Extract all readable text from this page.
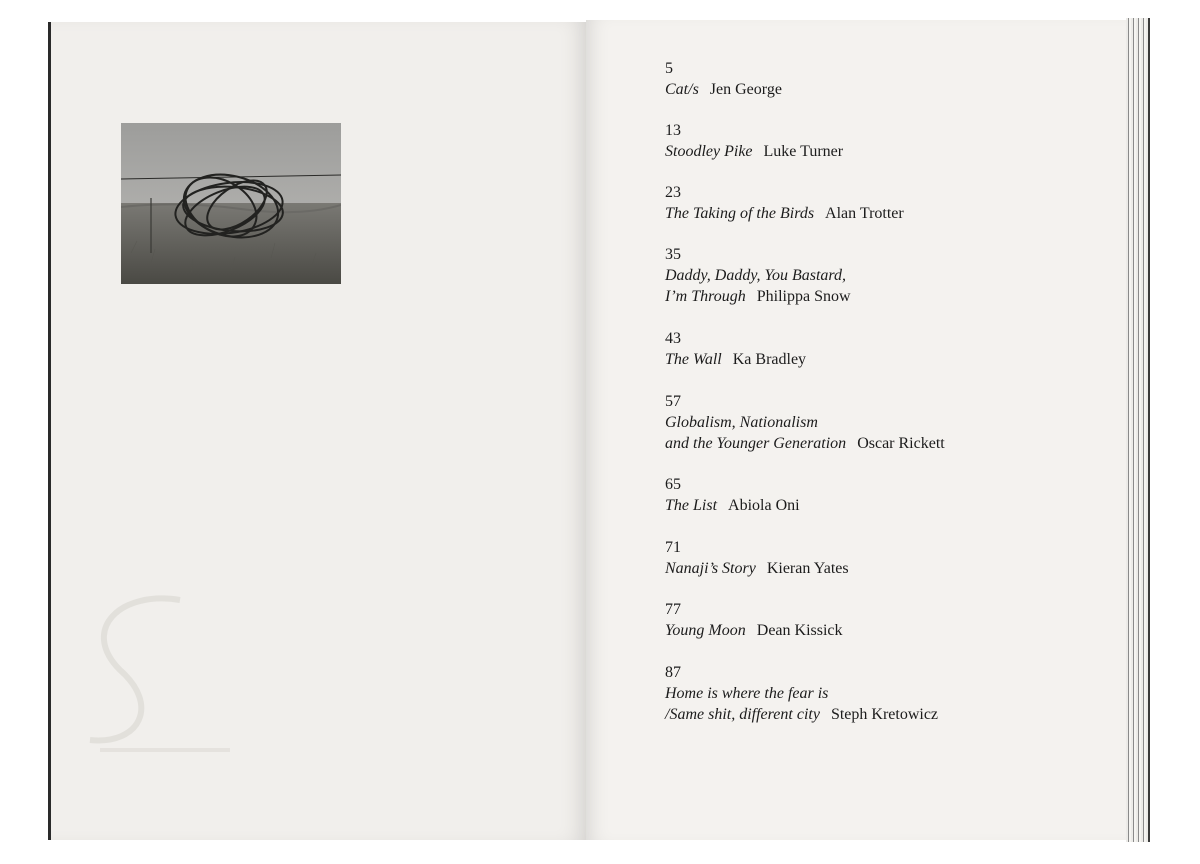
5
Cat/s Jen George
13
Stoodley Pike Luke Turner
23
The Taking of the Birds Alan Trotter
35
Daddy, Daddy, You Bastard,
I’m Through Philippa Snow
43
The Wall Ka Bradley
57
Globalism, Nationalism
and the Younger Generation Oscar Rickett
65
The List Abiola Oni
71
Nanaji’s Story Kieran Yates
77
Young Moon Dean Kissick
87
Home is where the fear is
/Same shit, different city Steph Kretowicz
